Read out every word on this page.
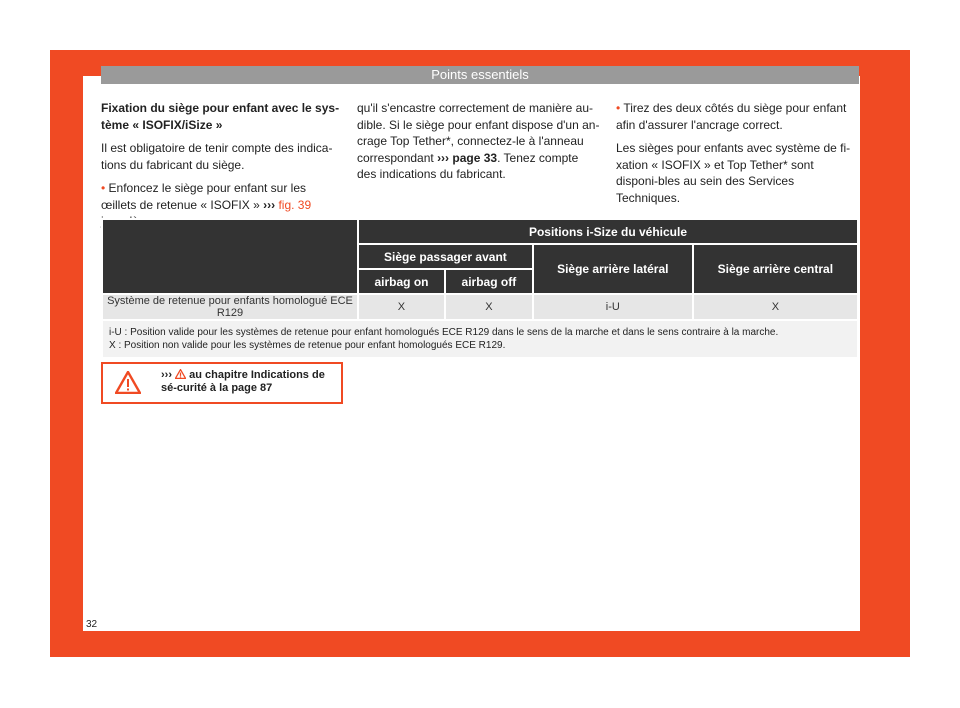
Points essentiels

Fixation du siège pour enfant avec le sys-tème « ISOFIX/iSize »

Il est obligatoire de tenir compte des indica-tions du fabricant du siège.

• Enfoncez le siège pour enfant sur les œillets de retenue « ISOFIX » ››› fig. 39

qu'il s'encastre correctement de manière au-dible. Si le siège pour enfant dispose d'un an-crage Top Tether*, connectez-le à l'anneau correspondant ››› page 33. Tenez compte des indications du fabricant.

• Tirez des deux côtés du siège pour enfant afin d'assurer l'ancrage correct.

Les sièges pour enfants avec système de fi-xation « ISOFIX » et Top Tether* sont disponi-bles au sein des Services Techniques.

	Positions i-Size du véhicule			
	Siège passager avant		Siège arrière latéral	Siège arrière central
	airbag on	airbag off		
Système de retenue pour enfants homologué ECE R129	X	X	i-U	X

i-U : Position valide pour les systèmes de retenue pour enfant homologués ECE R129 dans le sens de la marche et dans le sens contraire à la marche.
X : Position non valide pour les systèmes de retenue pour enfant homologués ECE R129.				
››› au chapitre Indications de sé-curité à la page 87
32
